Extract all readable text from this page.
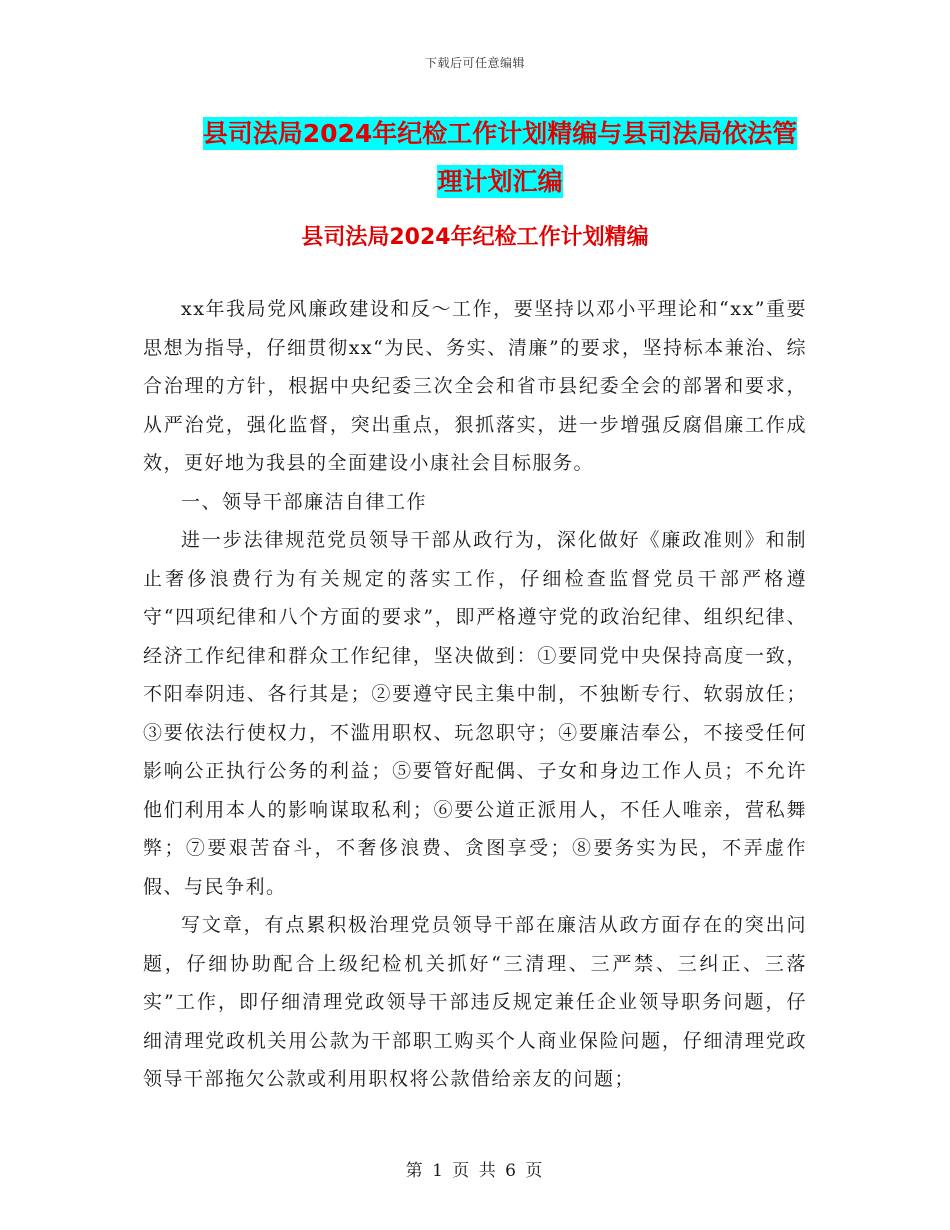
下载后可任意编辑
县司法局2024年纪检工作计划精编与县司法局依法管
理计划汇编
县司法局2024年纪检工作计划精编

xx年我局党风廉政建设和反～工作，要坚持以邓小平理论和“xx”重要思想为指导，仔细贯彻xx“为民、务实、清廉”的要求，坚持标本兼治、综合治理的方针，根据中央纪委三次全会和省市县纪委全会的部署和要求，从严治党，强化监督，突出重点，狠抓落实，进一步增强反腐倡廉工作成效，更好地为我县的全面建设小康社会目标服务。

一、领导干部廉洁自律工作

进一步法律规范党员领导干部从政行为，深化做好《廉政准则》和制止奢侈浪费行为有关规定的落实工作，仔细检查监督党员干部严格遵守“四项纪律和八个方面的要求”，即严格遵守党的政治纪律、组织纪律、经济工作纪律和群众工作纪律，坚决做到：①要同党中央保持高度一致，不阳奉阴违、各行其是；②要遵守民主集中制，不独断专行、软弱放任；③要依法行使权力，不滥用职权、玩忽职守；④要廉洁奉公，不接受任何影响公正执行公务的利益；⑤要管好配偶、子女和身边工作人员；不允许他们利用本人的影响谋取私利；⑥要公道正派用人，不任人唯亲，营私舞弊；⑦要艰苦奋斗，不奢侈浪费、贪图享受；⑧要务实为民，不弄虚作假、与民争利。

写文章，有点累积极治理党员领导干部在廉洁从政方面存在的突出问题，仔细协助配合上级纪检机关抓好“三清理、三严禁、三纠正、三落实”工作，即仔细清理党政领导干部违反规定兼任企业领导职务问题，仔细清理党政机关用公款为干部职工购买个人商业保险问题，仔细清理党政领导干部拖欠公款或利用职权将公款借给亲友的问题；

第 1 页 共 6 页
